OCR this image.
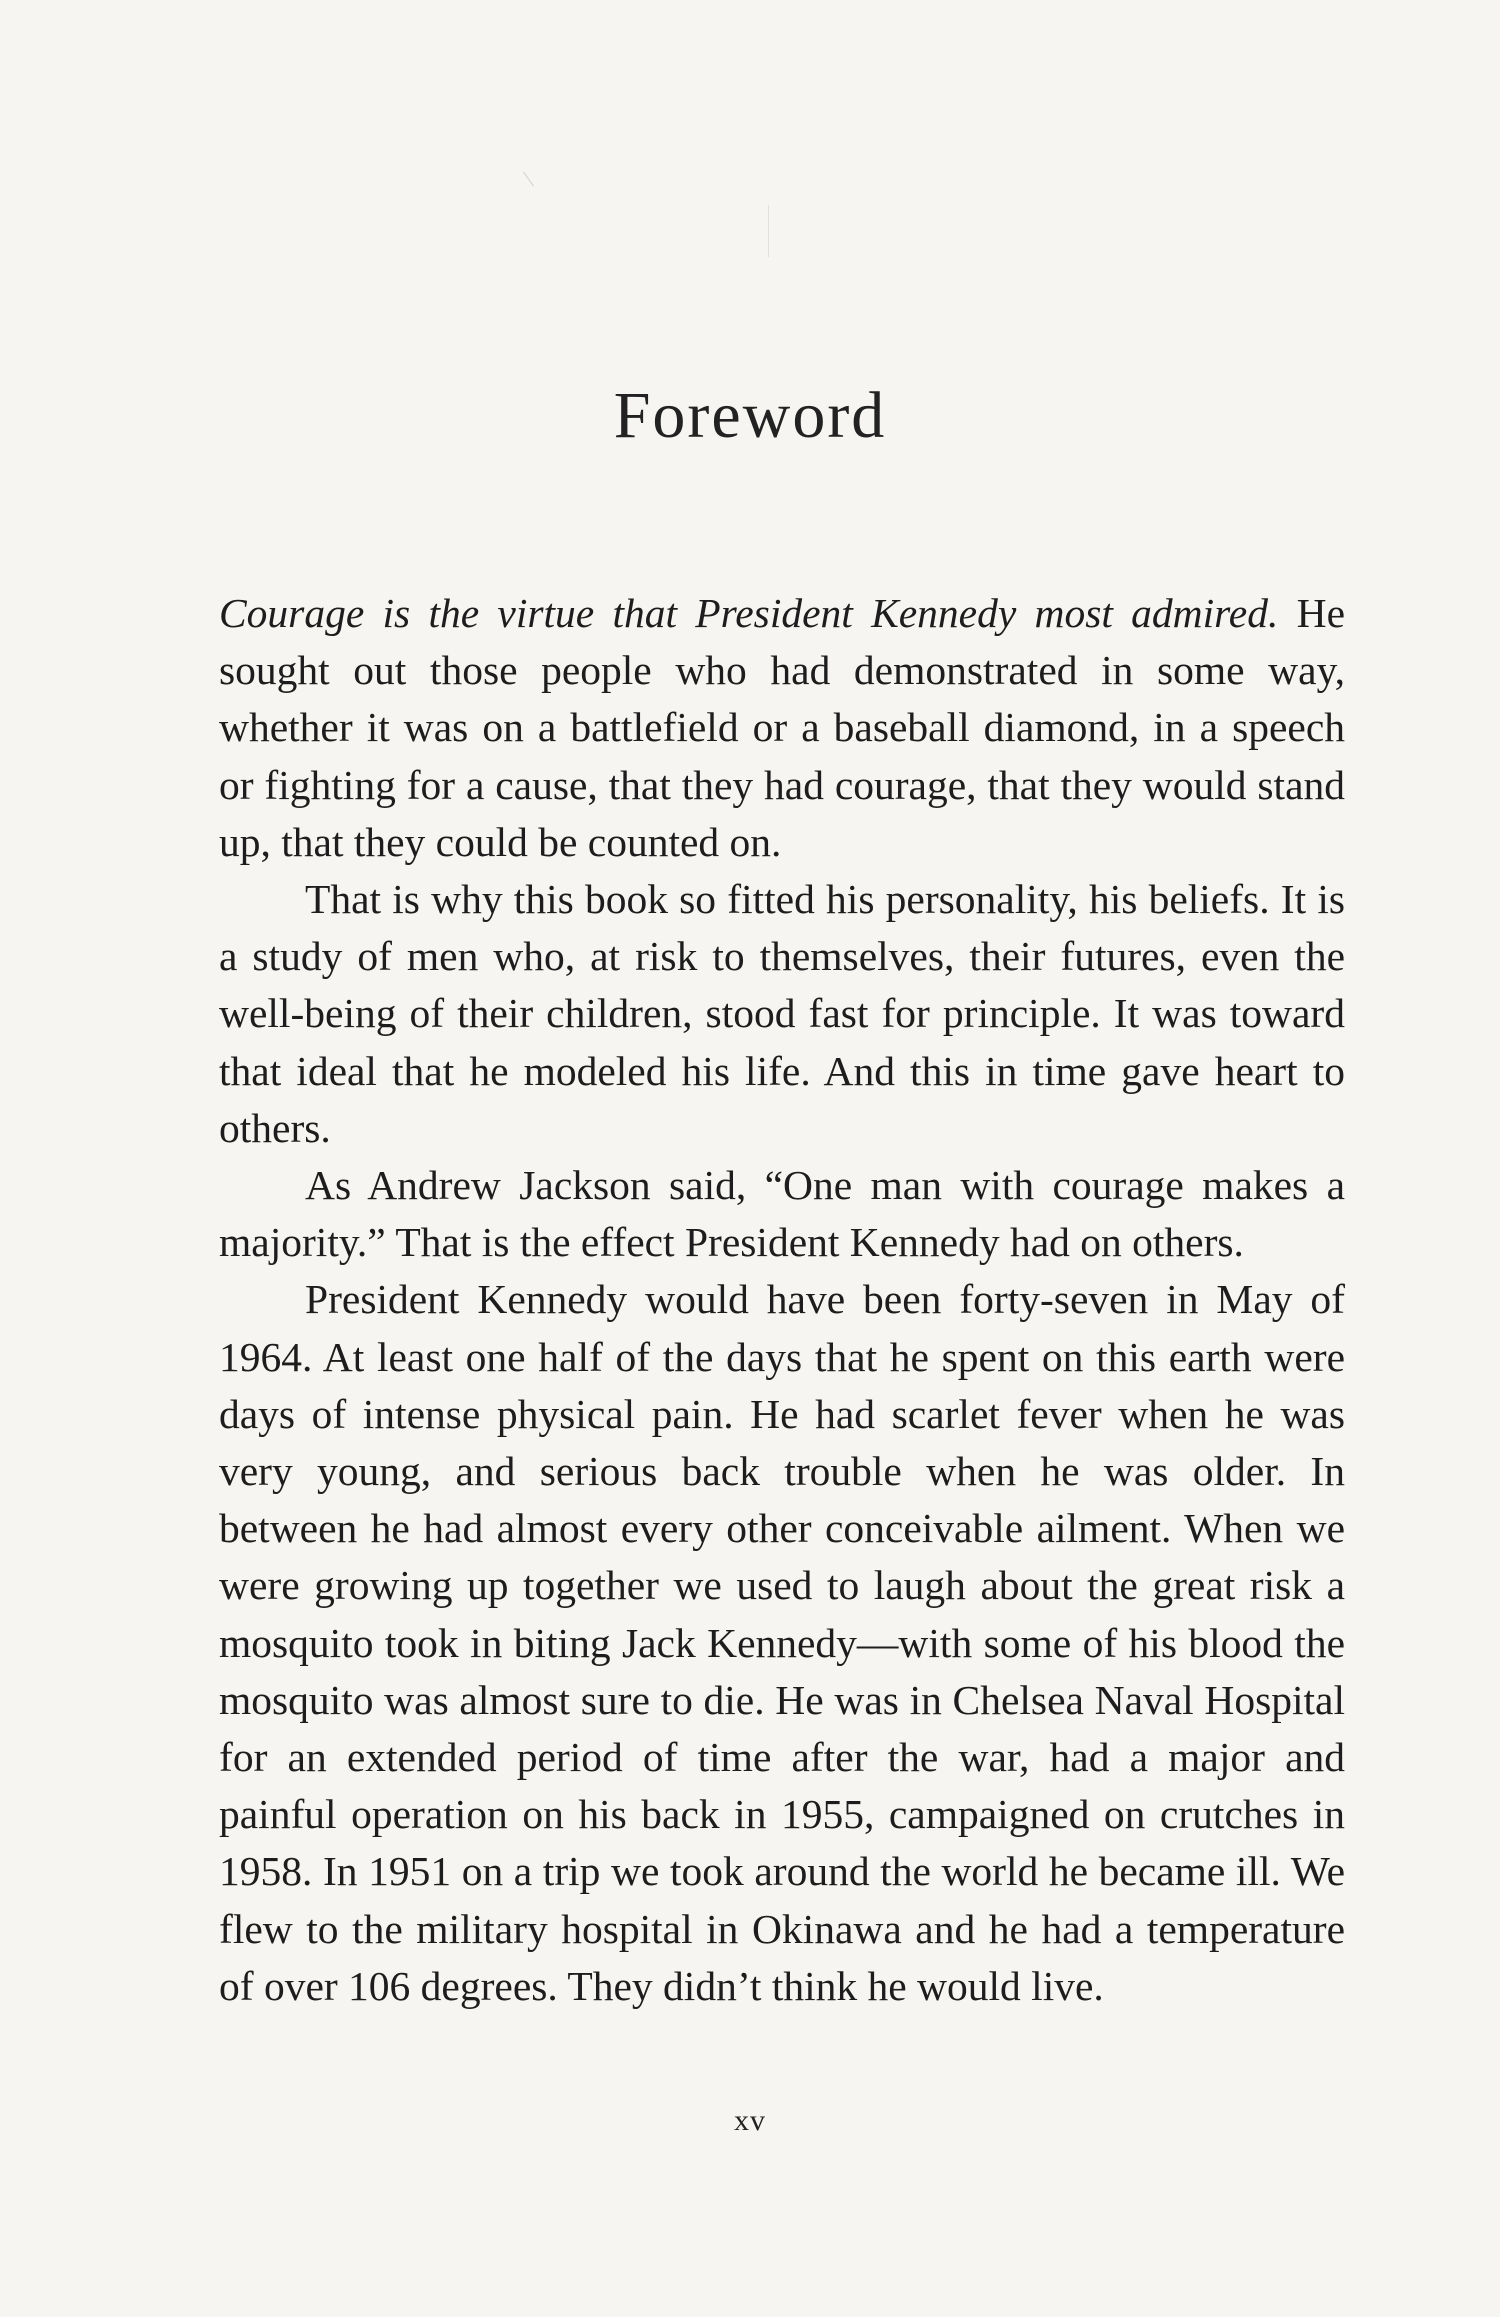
Foreword

Courage is the virtue that President Kennedy most admired. He sought out those people who had demonstrated in some way, whether it was on a battlefield or a baseball diamond, in a speech or fighting for a cause, that they had courage, that they would stand up, that they could be counted on.

That is why this book so fitted his personality, his beliefs. It is a study of men who, at risk to themselves, their futures, even the well-being of their children, stood fast for principle. It was toward that ideal that he modeled his life. And this in time gave heart to others.

As Andrew Jackson said, “One man with courage makes a majority.” That is the effect President Kennedy had on others.

President Kennedy would have been forty-seven in May of 1964. At least one half of the days that he spent on this earth were days of intense physical pain. He had scarlet fever when he was very young, and serious back trouble when he was older. In between he had almost every other conceivable ailment. When we were growing up together we used to laugh about the great risk a mosquito took in biting Jack Kennedy—with some of his blood the mosquito was almost sure to die. He was in Chelsea Naval Hospital for an extended period of time after the war, had a major and painful operation on his back in 1955, campaigned on crutches in 1958. In 1951 on a trip we took around the world he became ill. We flew to the military hospital in Okinawa and he had a temperature of over 106 degrees. They didn’t think he would live.

xv
